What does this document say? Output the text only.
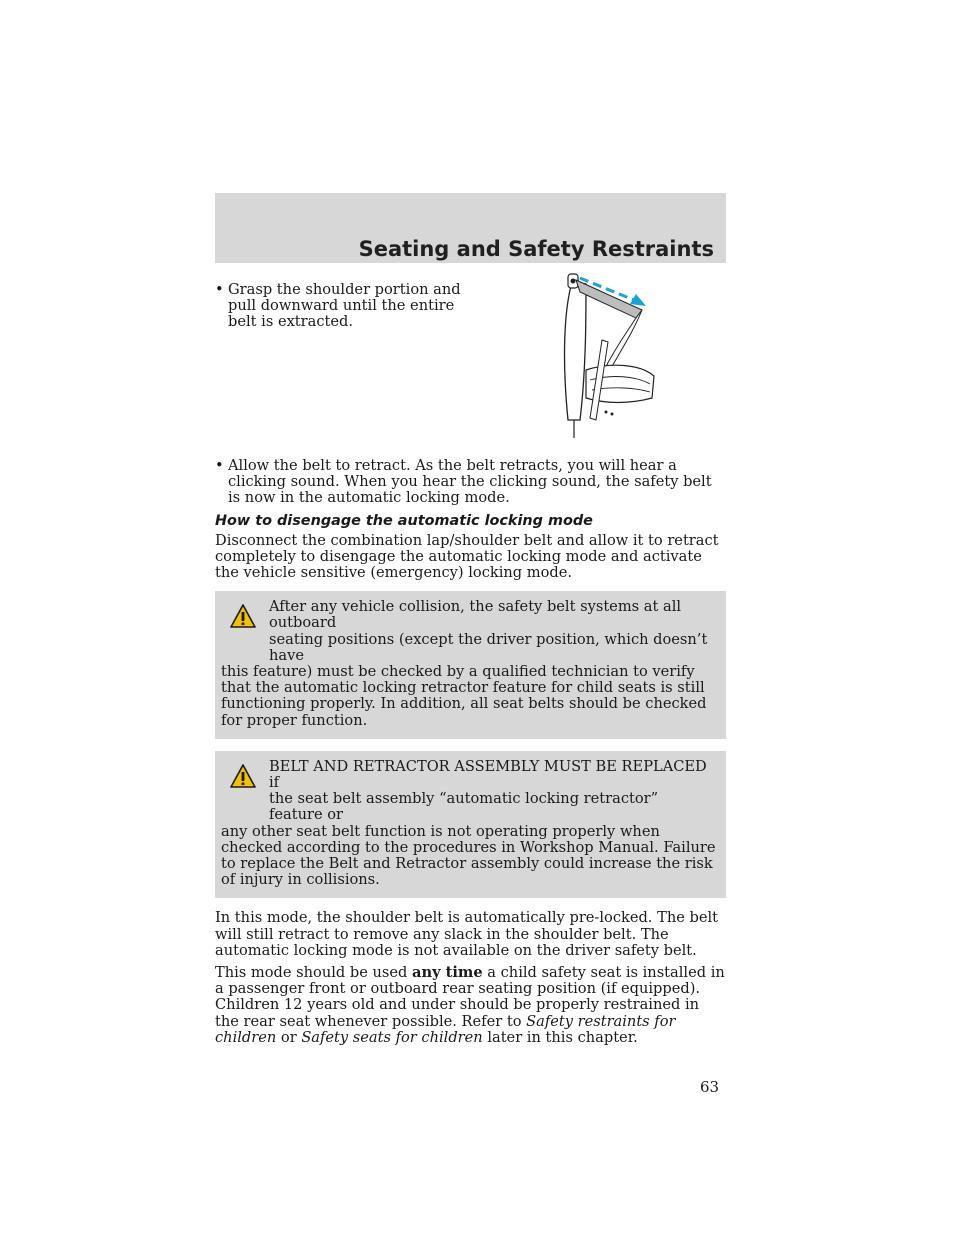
Seating and Safety Restraints
• Grasp the shoulder portion and
pull downward until the entire
belt is extracted.
• Allow the belt to retract. As the belt retracts, you will hear a clicking sound. When you hear the clicking sound, the safety belt is now in the automatic locking mode.
How to disengage the automatic locking mode

Disconnect the combination lap/shoulder belt and allow it to retract completely to disengage the automatic locking mode and activate the vehicle sensitive (emergency) locking mode.

After any vehicle collision, the safety belt systems at all outboard
seating positions (except the driver position, which doesn’t have
this feature) must be checked by a qualified technician to verify that the automatic locking retractor feature for child seats is still functioning properly. In addition, all seat belts should be checked for proper function.
BELT AND RETRACTOR ASSEMBLY MUST BE REPLACED if
the seat belt assembly “automatic locking retractor” feature or
any other seat belt function is not operating properly when checked according to the procedures in Workshop Manual. Failure to replace the Belt and Retractor assembly could increase the risk of injury in collisions.

In this mode, the shoulder belt is automatically pre-locked. The belt will still retract to remove any slack in the shoulder belt. The automatic locking mode is not available on the driver safety belt.

This mode should be used any time a child safety seat is installed in a passenger front or outboard rear seating position (if equipped). Children 12 years old and under should be properly restrained in the rear seat whenever possible. Refer to Safety restraints for children or Safety seats for children later in this chapter.

63
